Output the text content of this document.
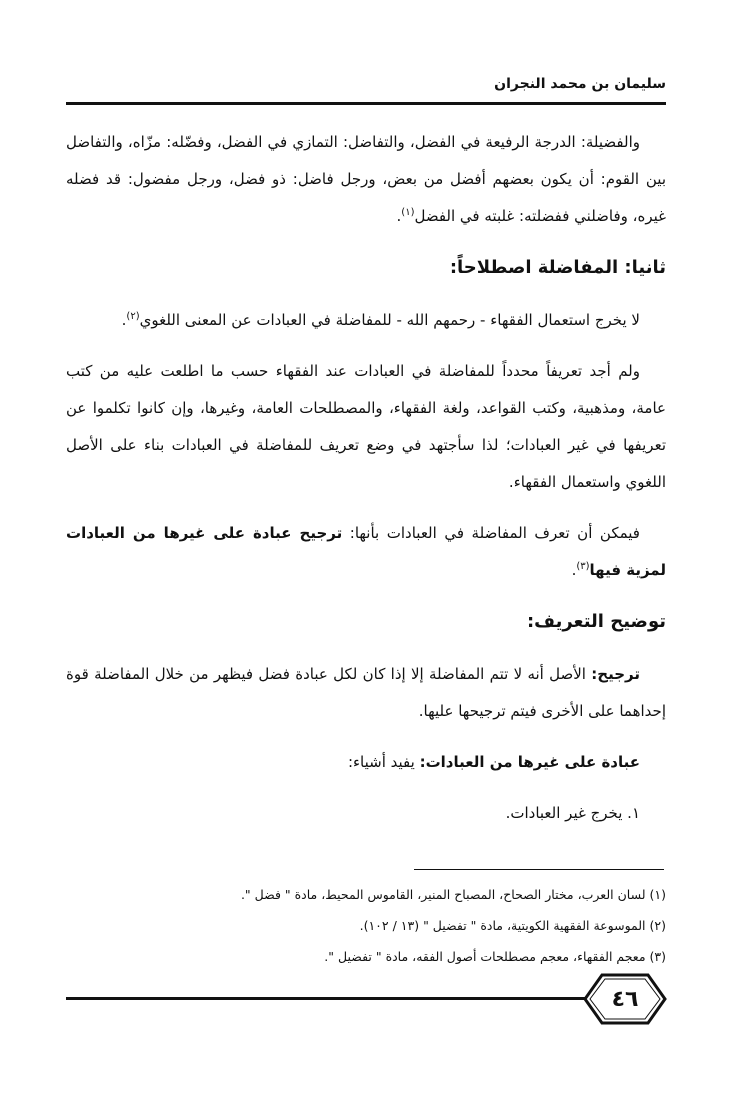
سليمان بن محمد النجران

والفضيلة: الدرجة الرفيعة في الفضل، والتفاضل: التمازي في الفضل، وفضّله: مزّاه، والتفاضل بين القوم: أن يكون بعضهم أفضل من بعض، ورجل فاضل: ذو فضل، ورجل مفضول: قد فضله غيره، وفاضلني ففضلته: غلبته في الفضل$^{(١)}$.

ثانيا: المفاضلة اصطلاحاً:

لا يخرج استعمال الفقهاء - رحمهم الله - للمفاضلة في العبادات عن المعنى اللغوي$^{(٢)}$.

ولم أجد تعريفاً محدداً للمفاضلة في العبادات عند الفقهاء حسب ما اطلعت عليه من كتب عامة، ومذهبية، وكتب القواعد، ولغة الفقهاء، والمصطلحات العامة، وغيرها، وإن كانوا تكلموا عن تعريفها في غير العبادات؛ لذا سأجتهد في وضع تعريف للمفاضلة في العبادات بناء على الأصل اللغوي واستعمال الفقهاء.

فيمكن أن تعرف المفاضلة في العبادات بأنها: ترجيح عبادة على غيرها من العبادات لمزية فيها$^{(٣)}$.

توضيح التعريف:

ترجيح: الأصل أنه لا تتم المفاضلة إلا إذا كان لكل عبادة فضل فيظهر من خلال المفاضلة قوة إحداهما على الأخرى فيتم ترجيحها عليها.

عبادة على غيرها من العبادات: يفيد أشياء:

١. يخرج غير العبادات.

(١) لسان العرب، مختار الصحاح، المصباح المنير، القاموس المحيط، مادة " فضل ".
(٢) الموسوعة الفقهية الكويتية، مادة " تفضيل " (١٣ / ١٠٢).
(٣) معجم الفقهاء، معجم مصطلحات أصول الفقه، مادة " تفضيل ".
٤٦
